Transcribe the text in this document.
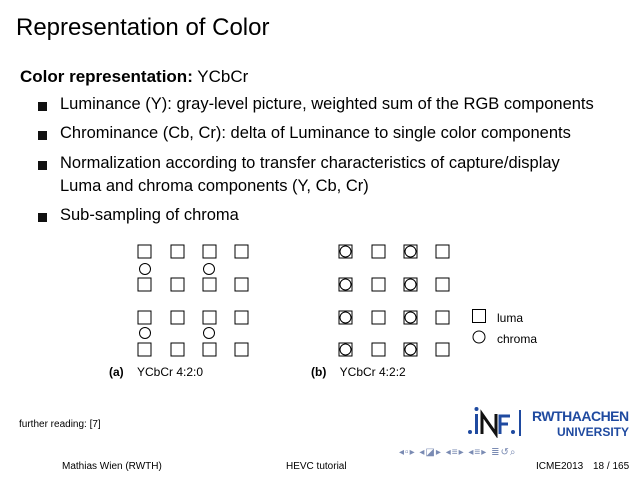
Representation of Color
Color representation: YCbCr
Luminance (Y): gray-level picture, weighted sum of the RGB components
Chrominance (Cb, Cr): delta of Luminance to single color components
Normalization according to transfer characteristics of capture/display
Luma and chroma components (Y, Cb, Cr)
Sub-sampling of chroma
luma
chroma
(a) YCbCr 4:2:0	(b) YCbCr 4:2:2
further reading: [7]
RWTHAACHEN
UNIVERSITY
◂▫▸ ◂◪▸ ◂≡▸ ◂≡▸ ≣↺⌕
Mathias Wien (RWTH)	HEVC tutorial	ICME2013 18 / 165
